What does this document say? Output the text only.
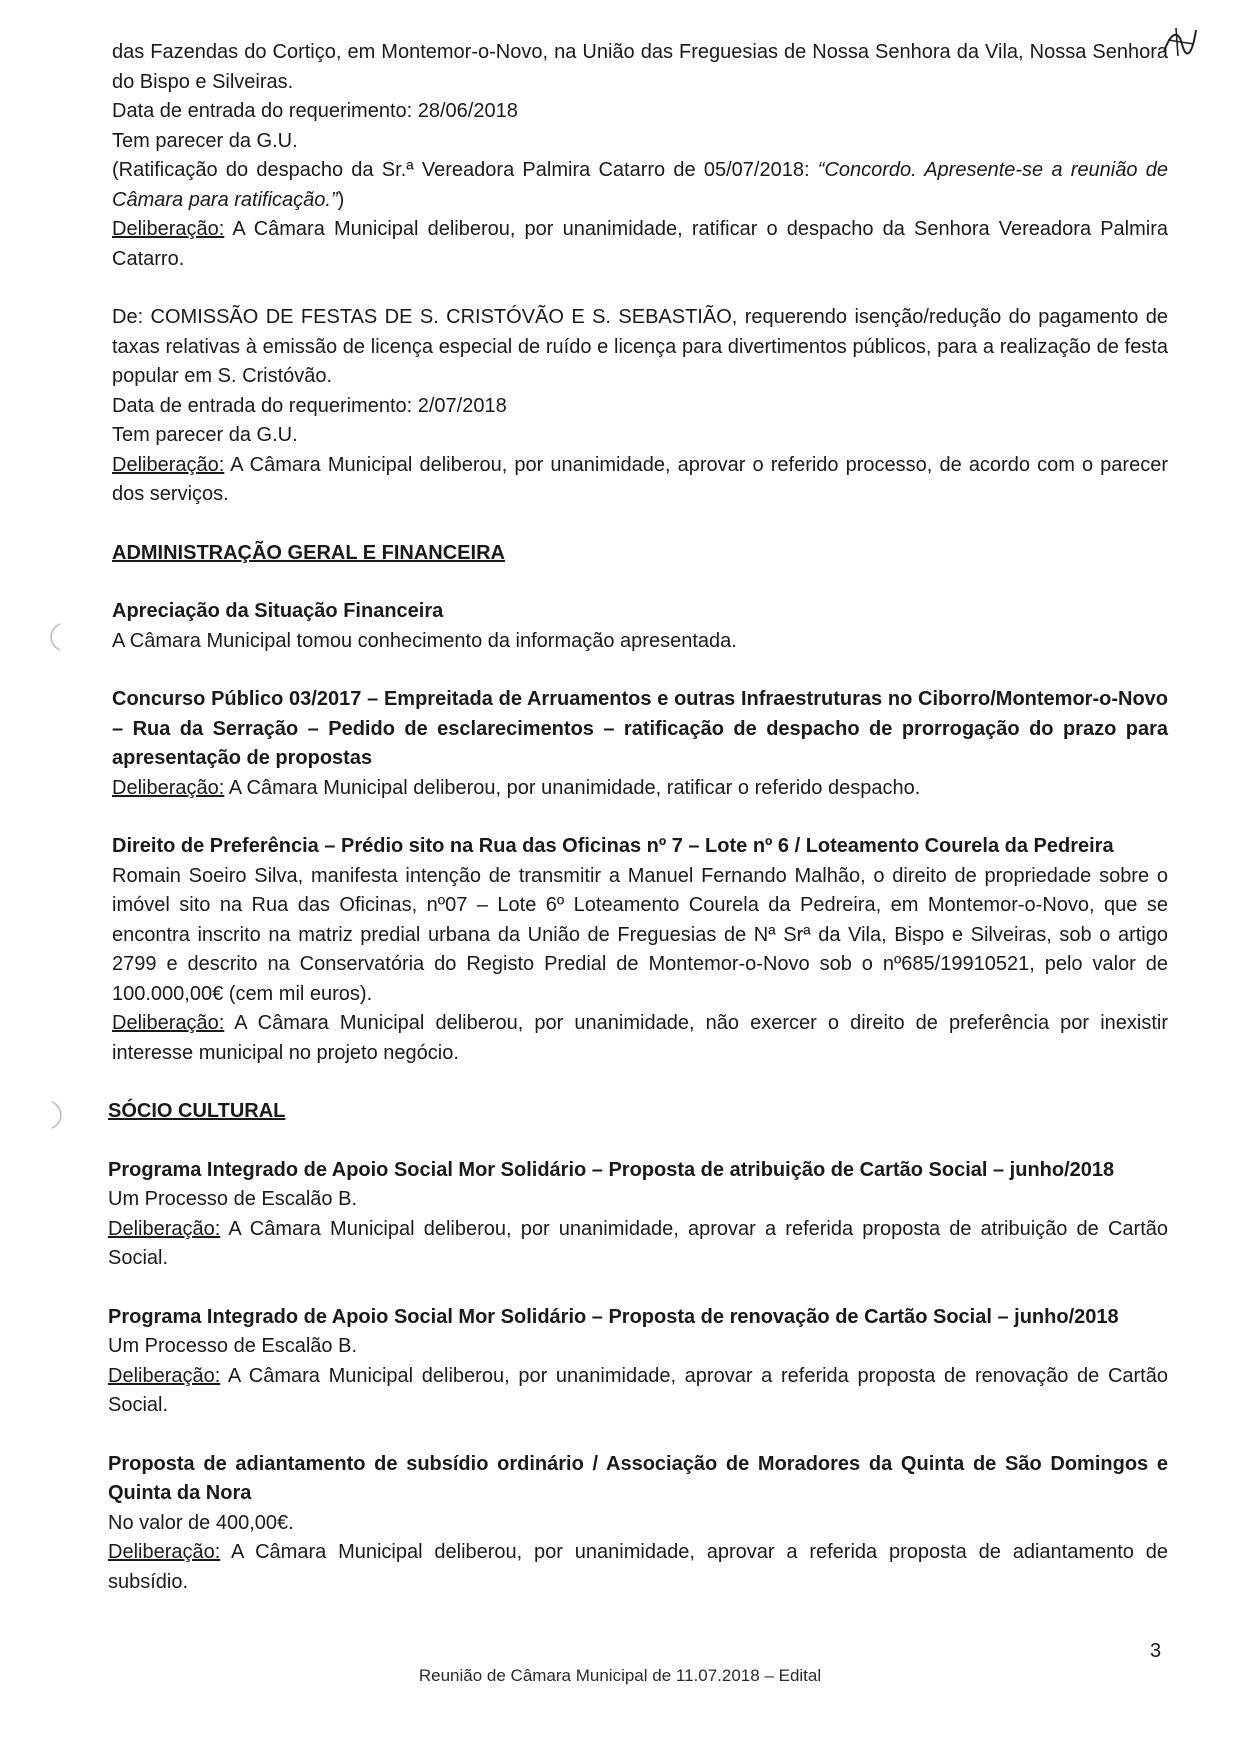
das Fazendas do Cortiço, em Montemor-o-Novo, na União das Freguesias de Nossa Senhora da Vila, Nossa Senhora do Bispo e Silveiras.

Data de entrada do requerimento: 28/06/2018

Tem parecer da G.U.

(Ratificação do despacho da Sr.ª Vereadora Palmira Catarro de 05/07/2018: “Concordo. Apresente-se a reunião de Câmara para ratificação.”)

Deliberação: A Câmara Municipal deliberou, por unanimidade, ratificar o despacho da Senhora Vereadora Palmira Catarro.

De: COMISSÃO DE FESTAS DE S. CRISTÓVÃO E S. SEBASTIÃO, requerendo isenção/redução do pagamento de taxas relativas à emissão de licença especial de ruído e licença para divertimentos públicos, para a realização de festa popular em S. Cristóvão.

Data de entrada do requerimento: 2/07/2018

Tem parecer da G.U.

Deliberação: A Câmara Municipal deliberou, por unanimidade, aprovar o referido processo, de acordo com o parecer dos serviços.

ADMINISTRAÇÃO GERAL E FINANCEIRA

Apreciação da Situação Financeira

A Câmara Municipal tomou conhecimento da informação apresentada.

Concurso Público 03/2017 – Empreitada de Arruamentos e outras Infraestruturas no Ciborro/Montemor-o-Novo – Rua da Serração – Pedido de esclarecimentos – ratificação de despacho de prorrogação do prazo para apresentação de propostas

Deliberação: A Câmara Municipal deliberou, por unanimidade, ratificar o referido despacho.

Direito de Preferência – Prédio sito na Rua das Oficinas nº 7 – Lote nº 6 / Loteamento Courela da Pedreira

Romain Soeiro Silva, manifesta intenção de transmitir a Manuel Fernando Malhão, o direito de propriedade sobre o imóvel sito na Rua das Oficinas, nº07 – Lote 6º Loteamento Courela da Pedreira, em Montemor-o-Novo, que se encontra inscrito na matriz predial urbana da União de Freguesias de Nª Srª da Vila, Bispo e Silveiras, sob o artigo 2799 e descrito na Conservatória do Registo Predial de Montemor-o-Novo sob o nº685/19910521, pelo valor de 100.000,00€ (cem mil euros).

Deliberação: A Câmara Municipal deliberou, por unanimidade, não exercer o direito de preferência por inexistir interesse municipal no projeto negócio.

SÓCIO CULTURAL

Programa Integrado de Apoio Social Mor Solidário – Proposta de atribuição de Cartão Social – junho/2018

Um Processo de Escalão B.

Deliberação: A Câmara Municipal deliberou, por unanimidade, aprovar a referida proposta de atribuição de Cartão Social.

Programa Integrado de Apoio Social Mor Solidário – Proposta de renovação de Cartão Social – junho/2018

Um Processo de Escalão B.

Deliberação: A Câmara Municipal deliberou, por unanimidade, aprovar a referida proposta de renovação de Cartão Social.

Proposta de adiantamento de subsídio ordinário / Associação de Moradores da Quinta de São Domingos e Quinta da Nora

No valor de 400,00€.

Deliberação: A Câmara Municipal deliberou, por unanimidade, aprovar a referida proposta de adiantamento de subsídio.

3
Reunião de Câmara Municipal de 11.07.2018 – Edital
